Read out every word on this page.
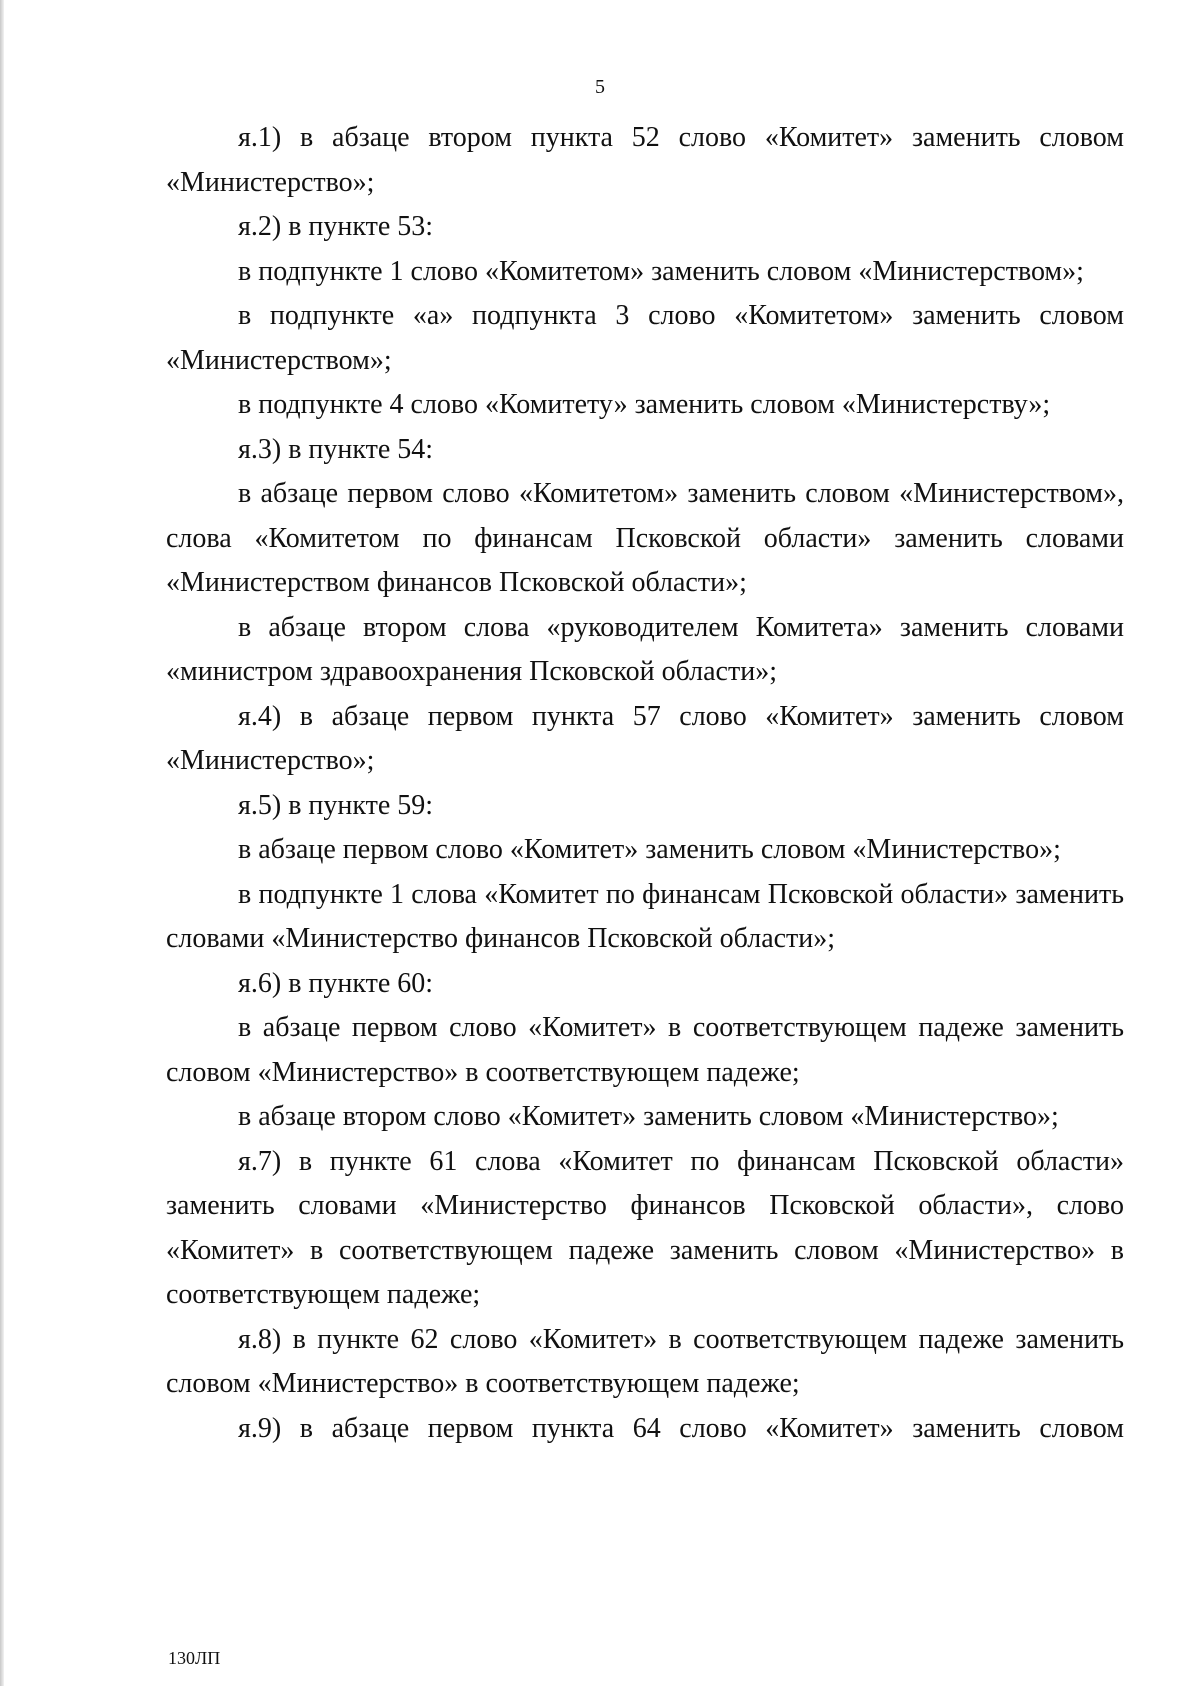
5

я.1) в абзаце втором пункта 52 слово «Комитет» заменить словом «Министерство»;

я.2) в пункте 53:

в подпункте 1 слово «Комитетом» заменить словом «Министерством»;

в подпункте «а» подпункта 3 слово «Комитетом» заменить словом «Министерством»;

в подпункте 4 слово «Комитету» заменить словом «Министерству»;

я.3) в пункте 54:

в абзаце первом слово «Комитетом» заменить словом «Министерством», слова «Комитетом по финансам Псковской области» заменить словами «Министерством финансов Псковской области»;

в абзаце втором слова «руководителем Комитета» заменить словами «министром здравоохранения Псковской области»;

я.4) в абзаце первом пункта 57 слово «Комитет» заменить словом «Министерство»;

я.5) в пункте 59:

в абзаце первом слово «Комитет» заменить словом «Министерство»;

в подпункте 1 слова «Комитет по финансам Псковской области» заменить словами «Министерство финансов Псковской области»;

я.6) в пункте 60:

в абзаце первом слово «Комитет» в соответствующем падеже заменить словом «Министерство» в соответствующем падеже;

в абзаце втором слово «Комитет» заменить словом «Министерство»;

я.7) в пункте 61 слова «Комитет по финансам Псковской области» заменить словами «Министерство финансов Псковской области», слово «Комитет» в соответствующем падеже заменить словом «Министерство» в соответствующем падеже;

я.8) в пункте 62 слово «Комитет» в соответствующем падеже заменить словом «Министерство» в соответствующем падеже;

я.9) в абзаце первом пункта 64 слово «Комитет» заменить словом

130ЛП
